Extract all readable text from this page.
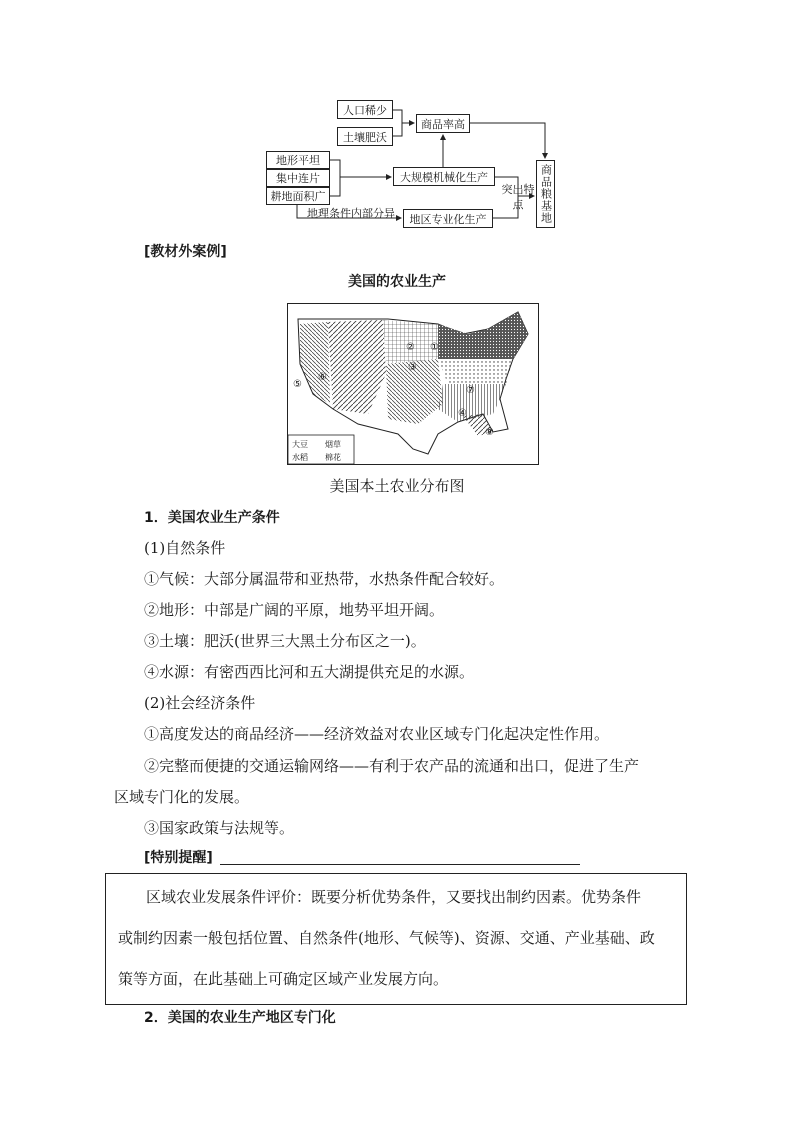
人口稀少
土壤肥沃
商品率高
地形平坦
集中连片
耕地面积广
大规模机械化生产
地区专业化生产
地理条件内部分异
突出特点	商品粮基地
[教材外案例]
美国的农业生产
①
②
③
④
⑤
⑥
⑦
⑧
大豆 烟草
水稻 棉花
美国本土农业分布图
1．美国农业生产条件
(1)自然条件
①气候：大部分属温带和亚热带，水热条件配合较好。
②地形：中部是广阔的平原，地势平坦开阔。
③土壤：肥沃(世界三大黑土分布区之一)。
④水源：有密西西比河和五大湖提供充足的水源。
(2)社会经济条件
①高度发达的商品经济——经济效益对农业区域专门化起决定性作用。
②完整而便捷的交通运输网络——有利于农产品的流通和出口，促进了生产
区域专门化的发展。
③国家政策与法规等。
[特别提醒]
区域农业发展条件评价：既要分析优势条件，又要找出制约因素。优势条件
或制约因素一般包括位置、自然条件(地形、气候等)、资源、交通、产业基础、政
策等方面，在此基础上可确定区域产业发展方向。
2．美国的农业生产地区专门化
